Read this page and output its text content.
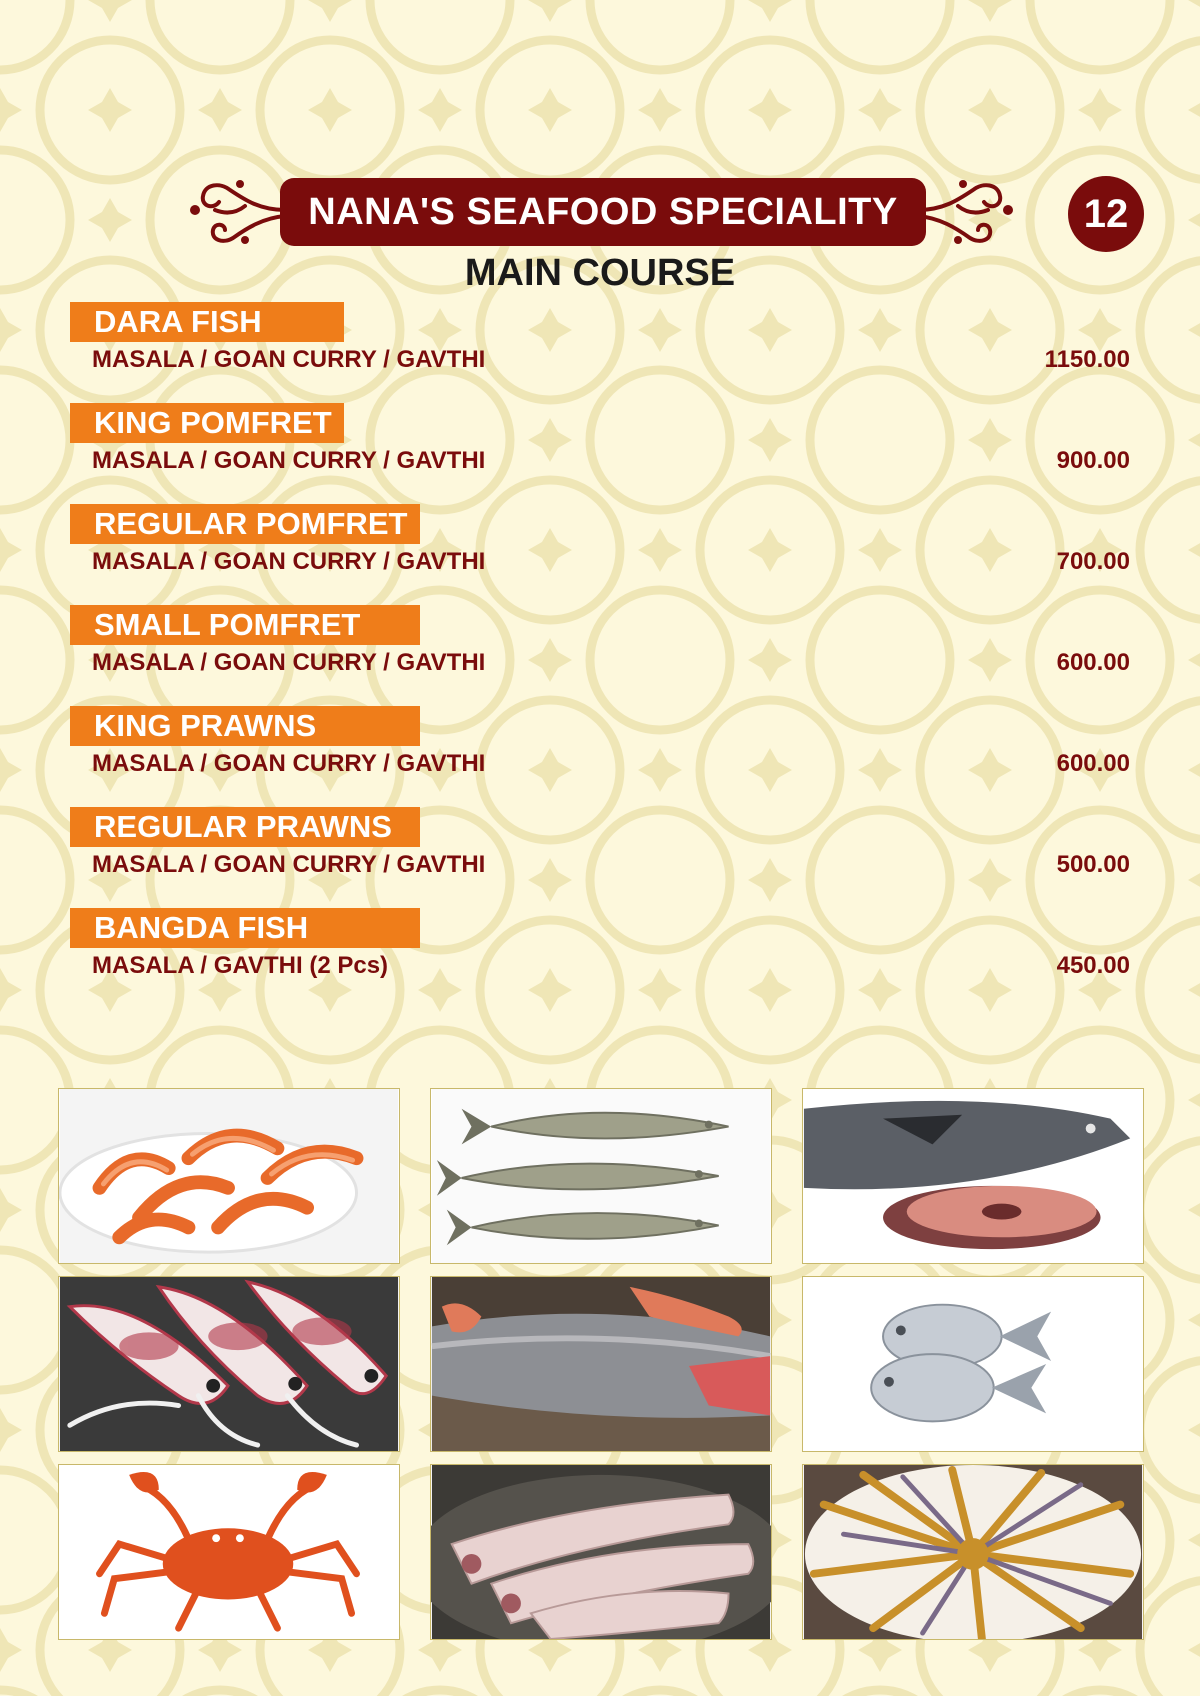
NANA'S SEAFOOD SPECIALITY	12
MAIN COURSE
DARA FISH
MASALA / GOAN CURRY / GAVTHI	1150.00
KING POMFRET
MASALA / GOAN CURRY / GAVTHI	900.00
REGULAR POMFRET
MASALA / GOAN CURRY / GAVTHI	700.00
SMALL POMFRET
MASALA / GOAN CURRY / GAVTHI	600.00
KING PRAWNS
MASALA / GOAN CURRY / GAVTHI	600.00
REGULAR PRAWNS
MASALA / GOAN CURRY / GAVTHI	500.00
BANGDA FISH
MASALA / GAVTHI (2 Pcs)	450.00
